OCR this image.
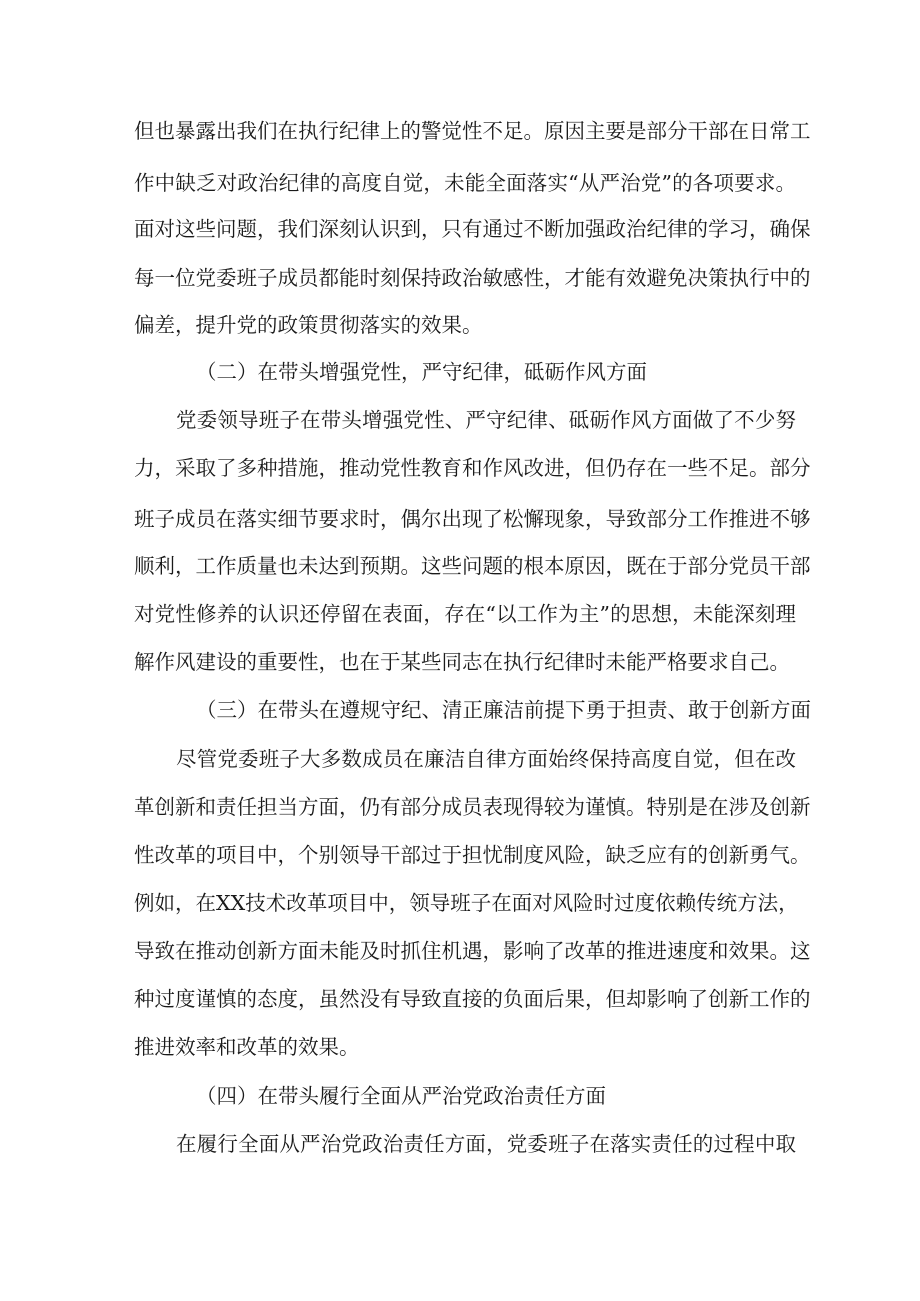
但也暴露出我们在执行纪律上的警觉性不足。原因主要是部分干部在日常工
作中缺乏对政治纪律的高度自觉，未能全面落实“从严治党”的各项要求。
面对这些问题，我们深刻认识到，只有通过不断加强政治纪律的学习，确保
每一位党委班子成员都能时刻保持政治敏感性，才能有效避免决策执行中的
偏差，提升党的政策贯彻落实的效果。
（二）在带头增强党性，严守纪律，砥砺作风方面
党委领导班子在带头增强党性、严守纪律、砥砺作风方面做了不少努
力，采取了多种措施，推动党性教育和作风改进，但仍存在一些不足。部分
班子成员在落实细节要求时，偶尔出现了松懈现象，导致部分工作推进不够
顺利，工作质量也未达到预期。这些问题的根本原因，既在于部分党员干部
对党性修养的认识还停留在表面，存在“以工作为主”的思想，未能深刻理
解作风建设的重要性，也在于某些同志在执行纪律时未能严格要求自己。
（三）在带头在遵规守纪、清正廉洁前提下勇于担责、敢于创新方面
尽管党委班子大多数成员在廉洁自律方面始终保持高度自觉，但在改
革创新和责任担当方面，仍有部分成员表现得较为谨慎。特别是在涉及创新
性改革的项目中，个别领导干部过于担忧制度风险，缺乏应有的创新勇气。
例如，在XX技术改革项目中，领导班子在面对风险时过度依赖传统方法，
导致在推动创新方面未能及时抓住机遇，影响了改革的推进速度和效果。这
种过度谨慎的态度，虽然没有导致直接的负面后果，但却影响了创新工作的
推进效率和改革的效果。
（四）在带头履行全面从严治党政治责任方面
在履行全面从严治党政治责任方面，党委班子在落实责任的过程中取
